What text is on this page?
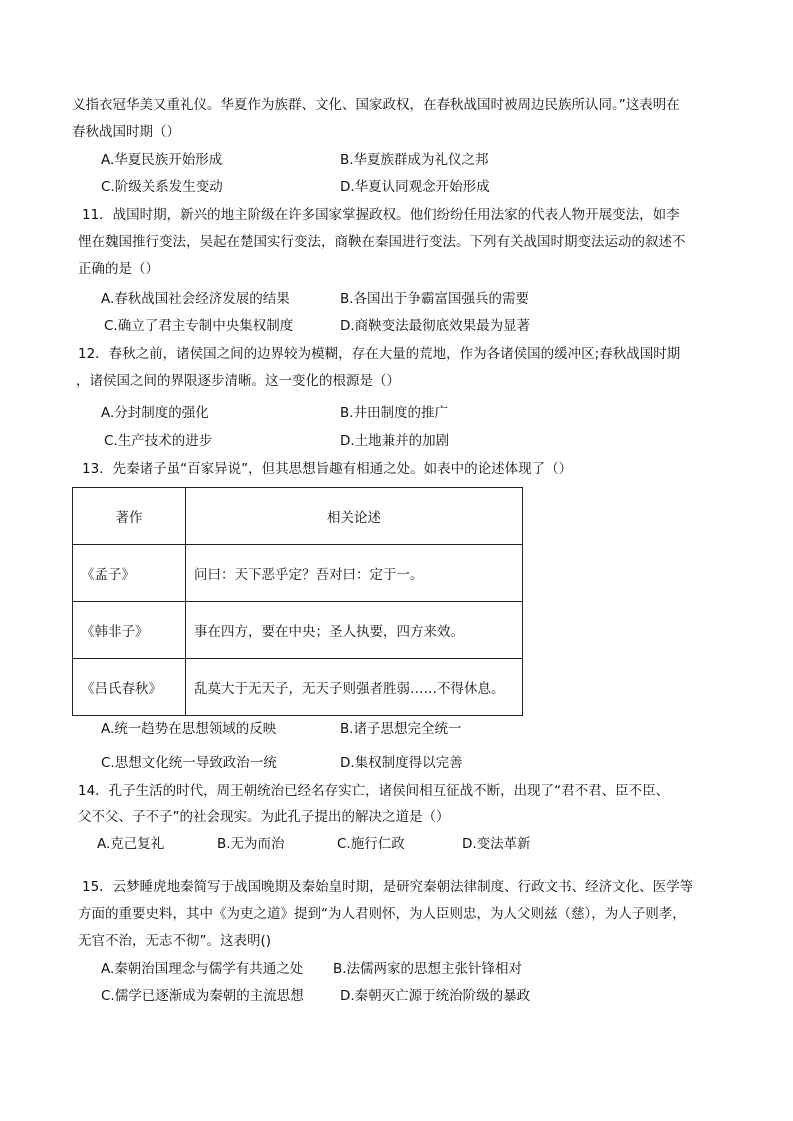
义指衣冠华美又重礼仪。华夏作为族群、文化、国家政权，在春秋战国时被周边民族所认同。”这表明在
春秋战国时期（）
A.华夏民族开始形成	B.华夏族群成为礼仪之邦
C.阶级关系发生变动	D.华夏认同观念开始形成
11．战国时期，新兴的地主阶级在许多国家掌握政权。他们纷纷任用法家的代表人物开展变法，如李
悝在魏国推行变法，吴起在楚国实行变法，商鞅在秦国进行变法。下列有关战国时期变法运动的叙述不
正确的是（）
A.春秋战国社会经济发展的结果	B.各国出于争霸富国强兵的需要
C.确立了君主专制中央集权制度	D.商鞅变法最彻底效果最为显著
12．春秋之前，诸侯国之间的边界较为模糊，存在大量的荒地，作为各诸侯国的缓冲区;春秋战国时期
，诸侯国之间的界限逐步清晰。这一变化的根源是（）
A.分封制度的强化	B.井田制度的推广
C.生产技术的进步	D.土地兼并的加剧
13．先秦诸子虽“百家异说”，但其思想旨趣有相通之处。如表中的论述体现了（）
著作	相关论述
《孟子》	问曰：天下恶乎定？吾对曰：定于一。
《韩非子》	事在四方，要在中央；圣人执要，四方来效。
《吕氏春秋》	乱莫大于无天子，无天子则强者胜弱……不得休息。
A.统一趋势在思想领域的反映	B.诸子思想完全统一
C.思想文化统一导致政治一统	D.集权制度得以完善
14．孔子生活的时代，周王朝统治已经名存实亡，诸侯间相互征战不断，出现了“君不君、臣不臣、
父不父、子不子”的社会现实。为此孔子提出的解决之道是（）
A.克己复礼	B.无为而治	C.施行仁政	D.变法革新
15．云梦睡虎地秦简写于战国晚期及秦始皇时期，是研究秦朝法律制度、行政文书、经济文化、医学等
方面的重要史料，其中《为吏之道》提到“为人君则怀，为人臣则忠，为人父则兹（慈），为人子则孝，
无官不治，无志不彻”。这表明()
A.秦朝治国理念与儒学有共通之处 B.法儒两家的思想主张针锋相对
C.儒学已逐渐成为秦朝的主流思想	D.秦朝灭亡源于统治阶级的暴政
